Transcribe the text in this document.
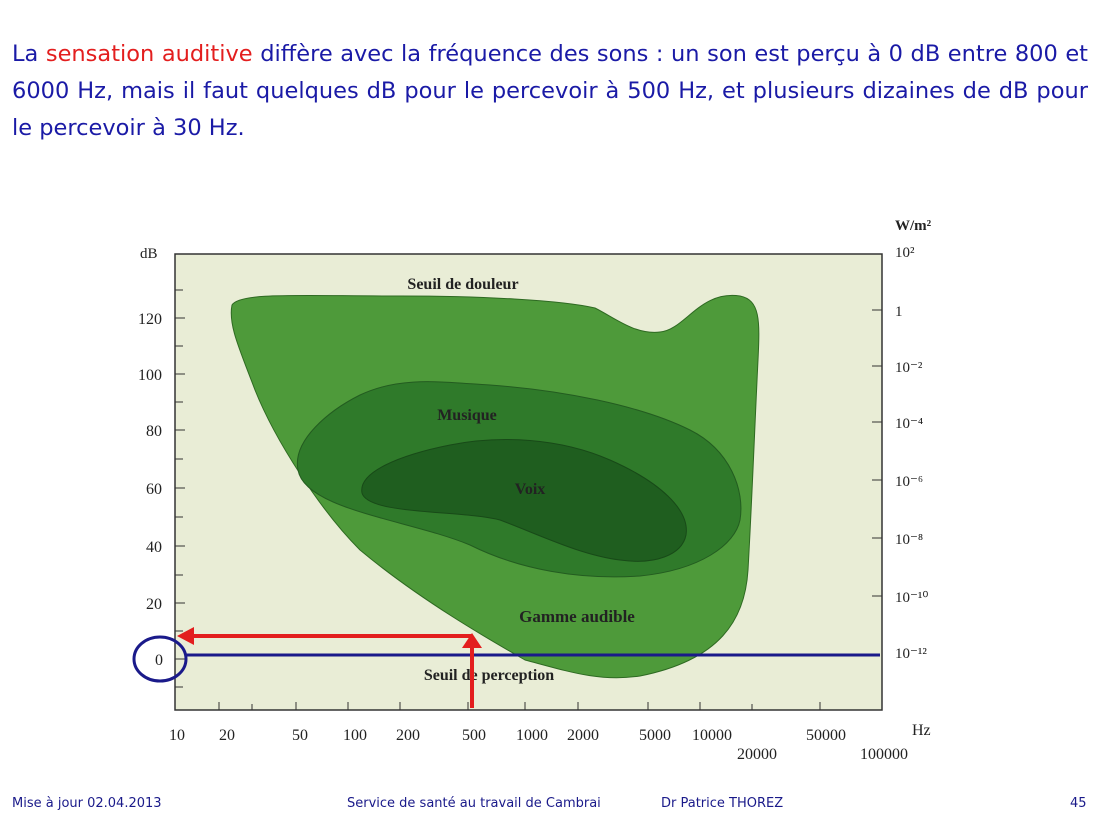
La sensation auditive diffère avec la fréquence des sons : un son est perçu à 0 dB entre 800 et 6000 Hz, mais il faut quelques dB pour le percevoir à 500 Hz, et plusieurs dizaines de dB pour le percevoir à 30 Hz.

dB
W/m²
Hz
120
100
80
60
40
20
0
10²
1
10⁻²
10⁻⁴
10⁻⁶
10⁻⁸
10⁻¹⁰
10⁻¹²
10 20	50 100 200	500 1000 2000	5000 10000	50000
20000	100000
Seuil de douleur
Musique
Voix
Gamme audible
Seuil de perception
Mise à jour 02.04.2013	Service de santé au travail de Cambrai	Dr Patrice THOREZ	45
